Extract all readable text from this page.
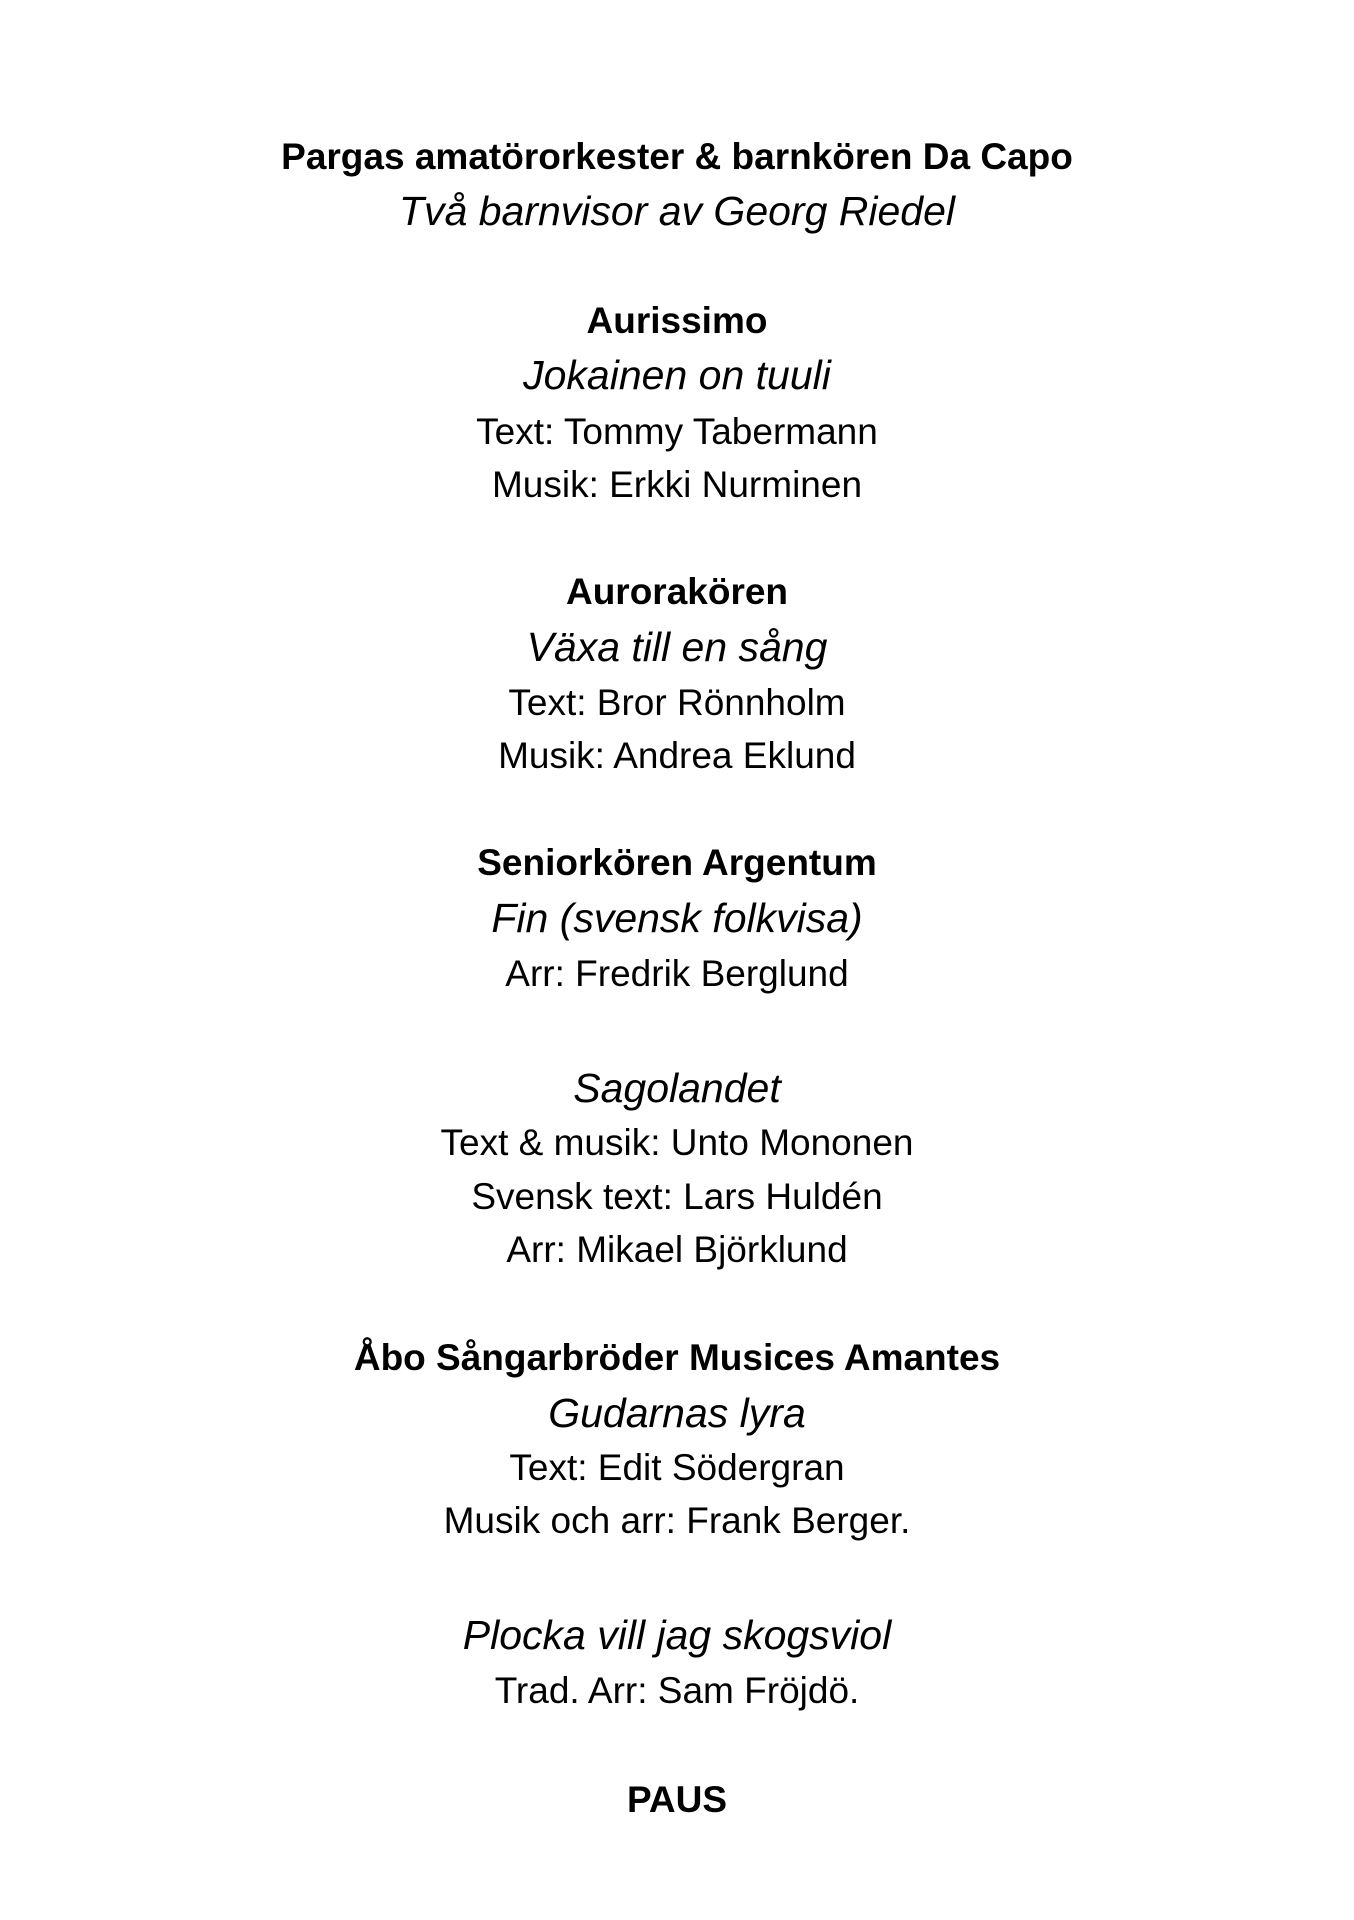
Pargas amatörorkester & barnkören Da Capo
Två barnvisor av Georg Riedel
Aurissimo
Jokainen on tuuli
Text: Tommy Tabermann
Musik: Erkki Nurminen
Aurorakören
Växa till en sång
Text: Bror Rönnholm
Musik: Andrea Eklund
Seniorkören Argentum
Fin (svensk folkvisa)
Arr: Fredrik Berglund
Sagolandet
Text & musik: Unto Mononen
Svensk text: Lars Huldén
Arr: Mikael Björklund
Åbo Sångarbröder Musices Amantes
Gudarnas lyra
Text: Edit Södergran
Musik och arr: Frank Berger.
Plocka vill jag skogsviol
Trad. Arr: Sam Fröjdö.
PAUS
